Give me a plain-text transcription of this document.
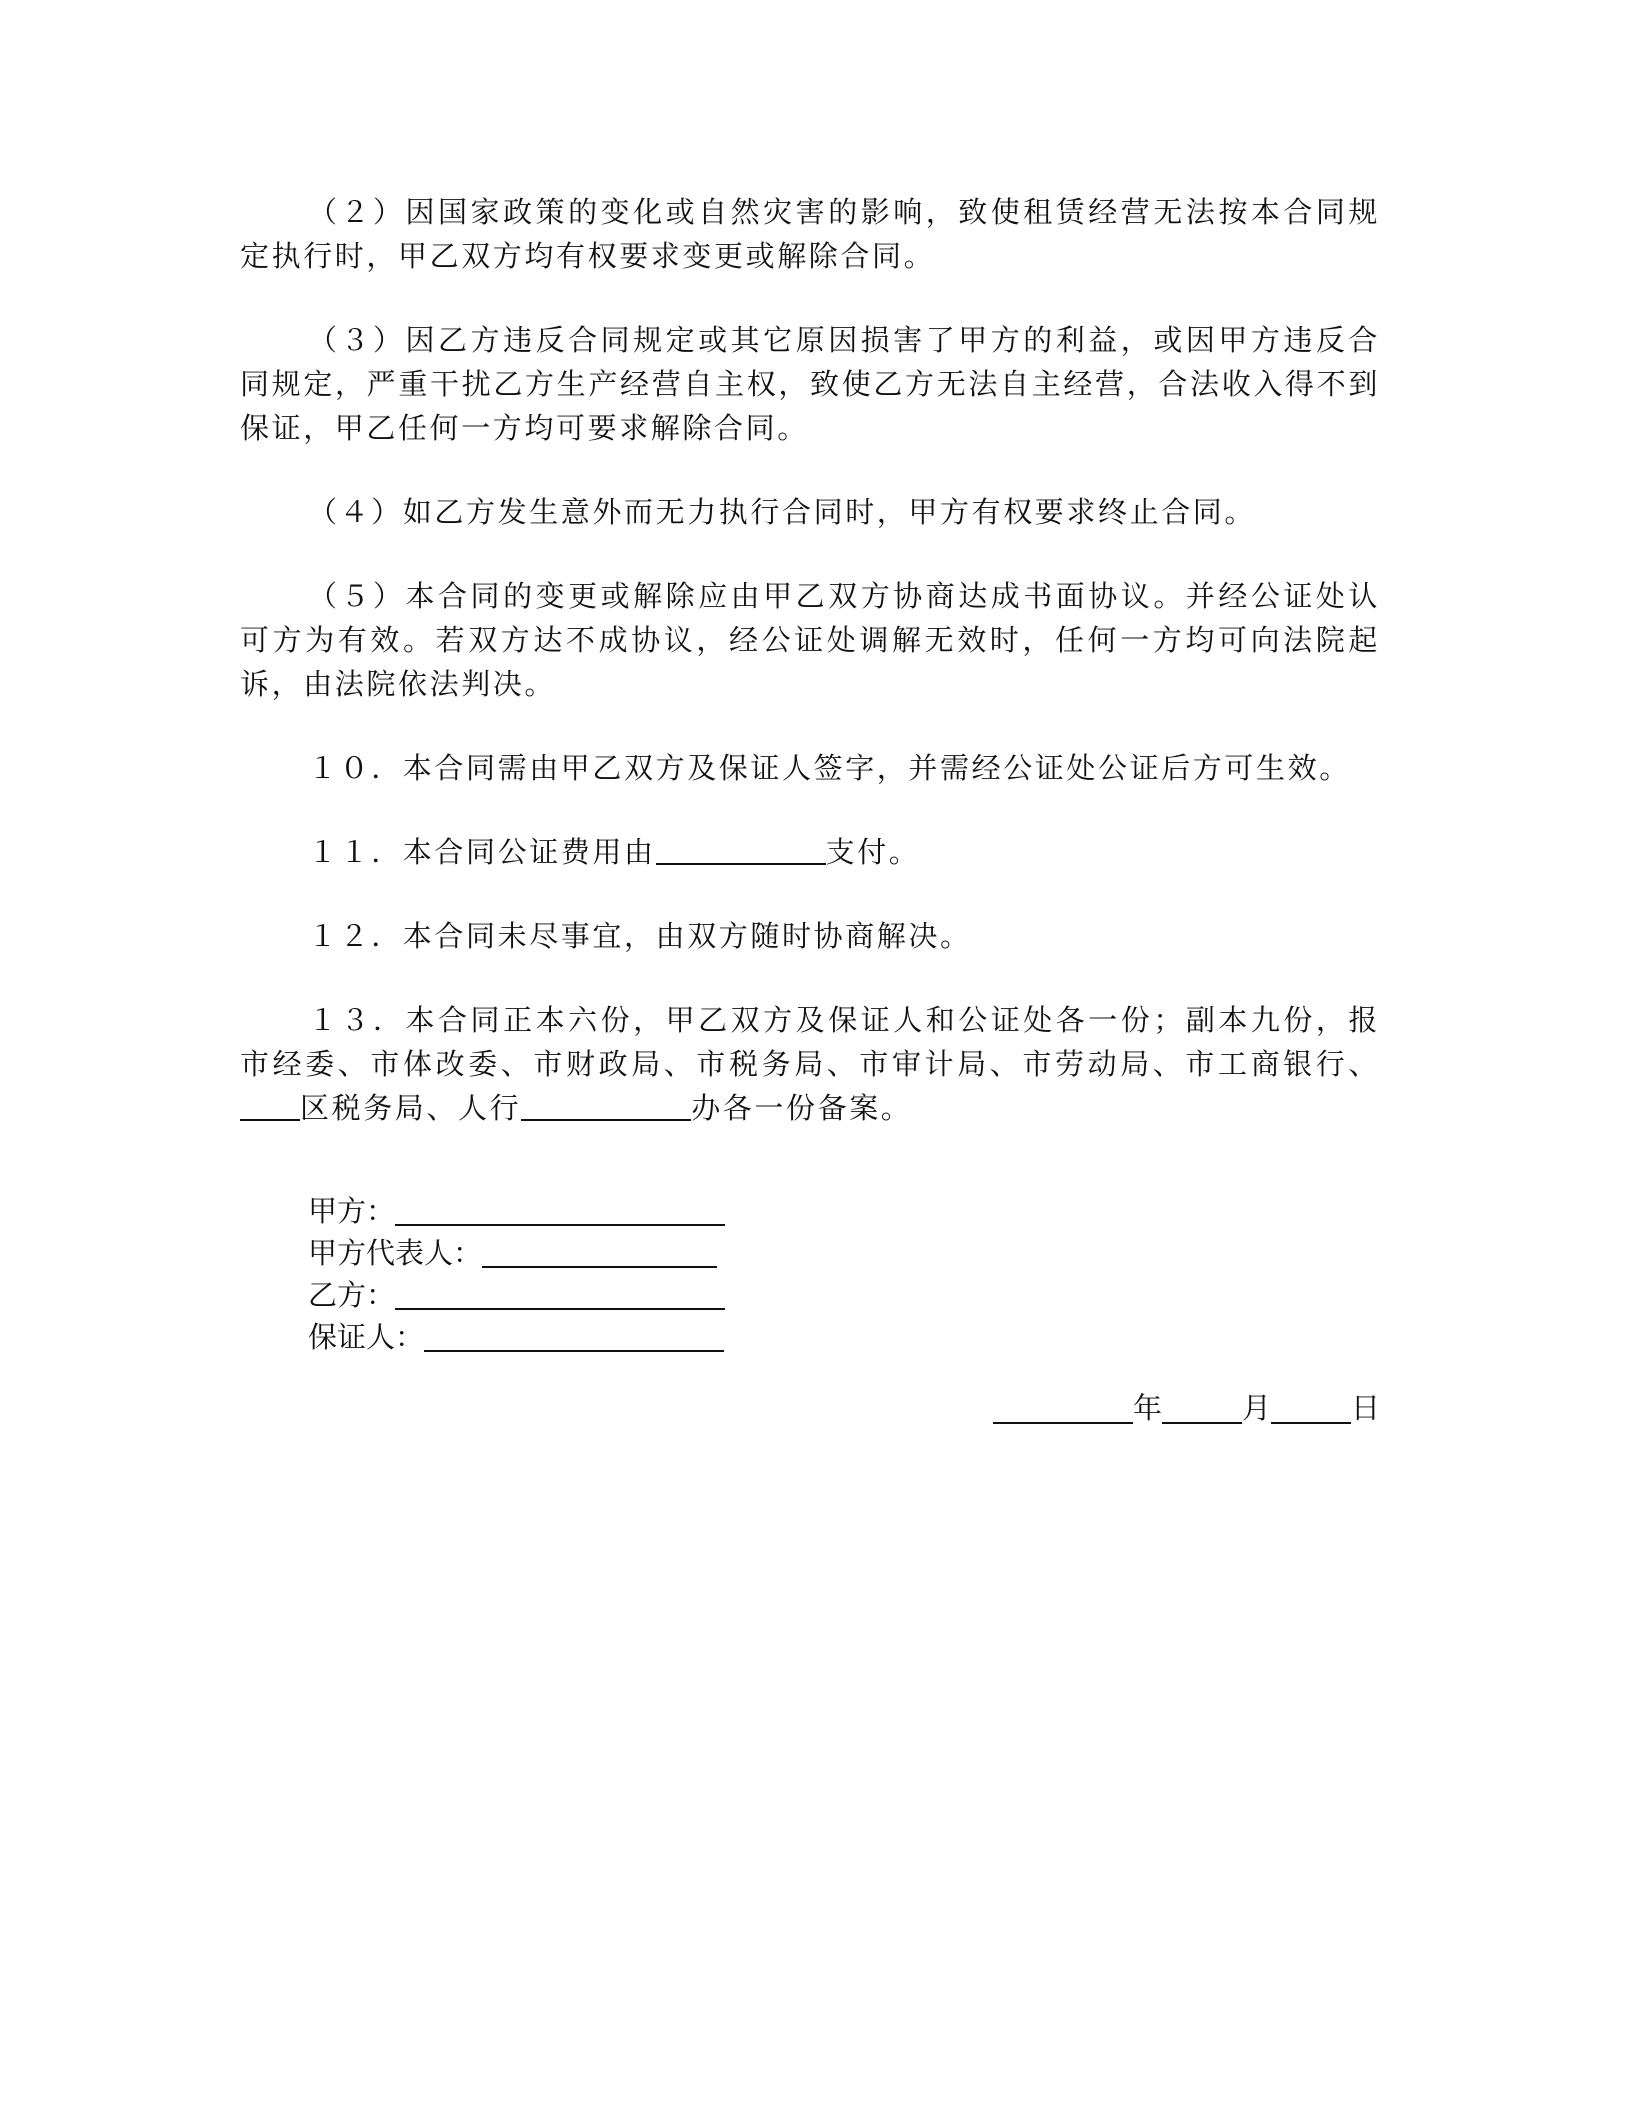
（２）因国家政策的变化或自然灾害的影响，致使租赁经营无法按本合同规定执行时，甲乙双方均有权要求变更或解除合同。

（３）因乙方违反合同规定或其它原因损害了甲方的利益，或因甲方违反合同规定，严重干扰乙方生产经营自主权，致使乙方无法自主经营，合法收入得不到保证，甲乙任何一方均可要求解除合同。

（４）如乙方发生意外而无力执行合同时，甲方有权要求终止合同。

（５）本合同的变更或解除应由甲乙双方协商达成书面协议。并经公证处认可方为有效。若双方达不成协议，经公证处调解无效时，任何一方均可向法院起诉，由法院依法判决。

１０．本合同需由甲乙双方及保证人签字，并需经公证处公证后方可生效。

１１．本合同公证费用由	支付。

１２．本合同未尽事宜，由双方随时协商解决。

１３．本合同正本六份，甲乙双方及保证人和公证处各一份；副本九份，报市经委、市体改委、市财政局、市税务局、市审计局、市劳动局、市工商银行、区税务局、人行	办各一份备案。

甲方：
甲方代表人：
乙方：
保证人：
年	月	日
